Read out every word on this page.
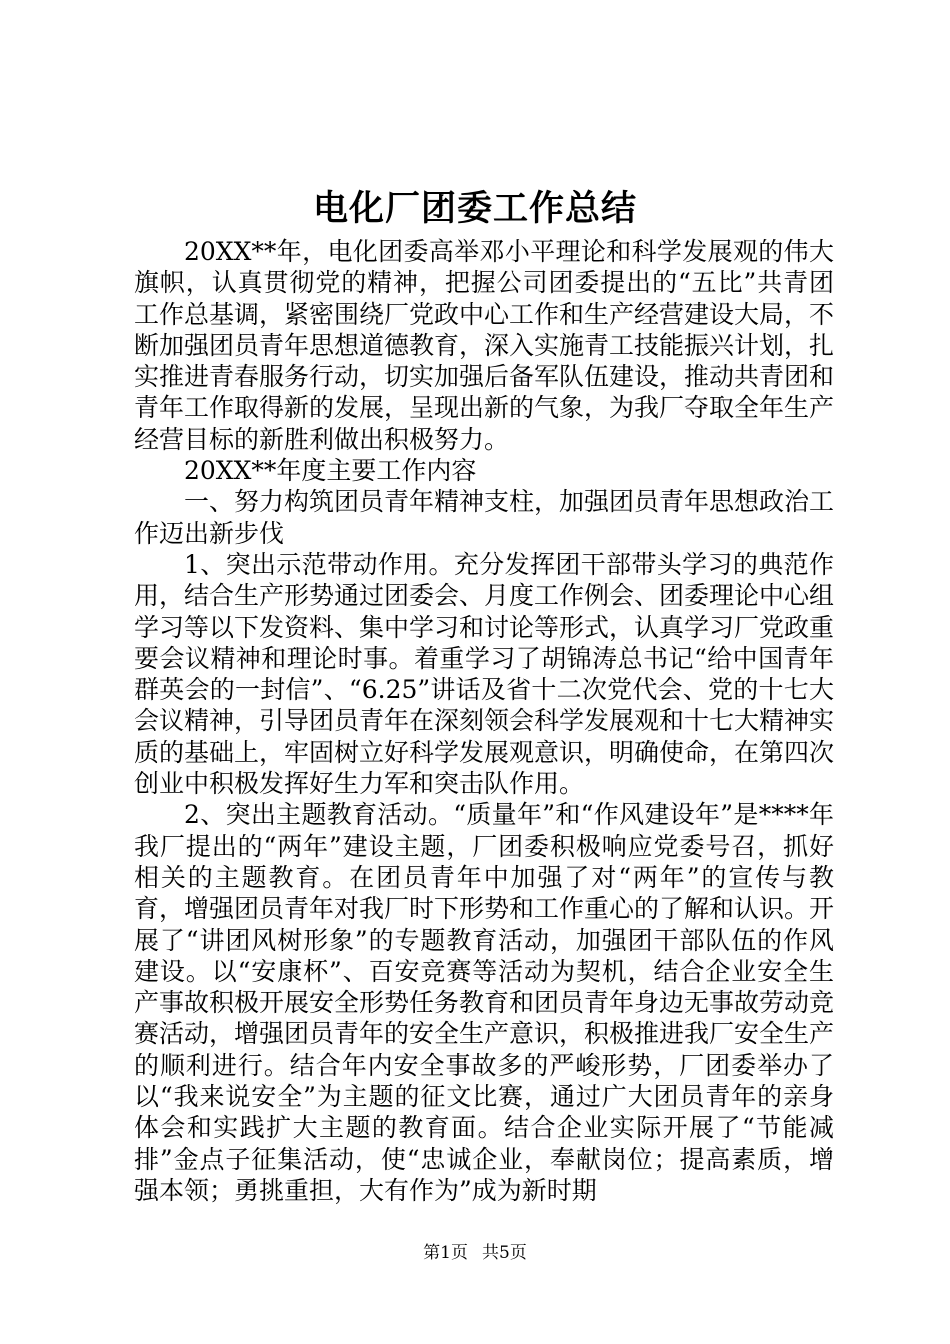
电化厂团委工作总结

20XX**年，电化团委高举邓小平理论和科学发展观的伟大旗帜，认真贯彻党的精神，把握公司团委提出的“五比”共青团工作总基调，紧密围绕厂党政中心工作和生产经营建设大局，不断加强团员青年思想道德教育，深入实施青工技能振兴计划，扎实推进青春服务行动，切实加强后备军队伍建设，推动共青团和青年工作取得新的发展，呈现出新的气象，为我厂夺取全年生产经营目标的新胜利做出积极努力。

20XX**年度主要工作内容

一、努力构筑团员青年精神支柱，加强团员青年思想政治工作迈出新步伐

1、突出示范带动作用。充分发挥团干部带头学习的典范作用，结合生产形势通过团委会、月度工作例会、团委理论中心组学习等以下发资料、集中学习和讨论等形式，认真学习厂党政重要会议精神和理论时事。着重学习了胡锦涛总书记“给中国青年群英会的一封信”、“6.25”讲话及省十二次党代会、党的十七大会议精神，引导团员青年在深刻领会科学发展观和十七大精神实质的基础上，牢固树立好科学发展观意识，明确使命，在第四次创业中积极发挥好生力军和突击队作用。

2、突出主题教育活动。“质量年”和“作风建设年”是****年我厂提出的“两年”建设主题，厂团委积极响应党委号召，抓好相关的主题教育。在团员青年中加强了对“两年”的宣传与教育，增强团员青年对我厂时下形势和工作重心的了解和认识。开展了“讲团风树形象”的专题教育活动，加强团干部队伍的作风建设。以“安康杯”、百安竞赛等活动为契机，结合企业安全生产事故积极开展安全形势任务教育和团员青年身边无事故劳动竞赛活动，增强团员青年的安全生产意识，积极推进我厂安全生产的顺利进行。结合年内安全事故多的严峻形势，厂团委举办了以“我来说安全”为主题的征文比赛，通过广大团员青年的亲身体会和实践扩大主题的教育面。结合企业实际开展了“节能减排”金点子征集活动，使“忠诚企业，奉献岗位；提高素质，增强本领；勇挑重担，大有作为”成为新时期

第1页 共5页
